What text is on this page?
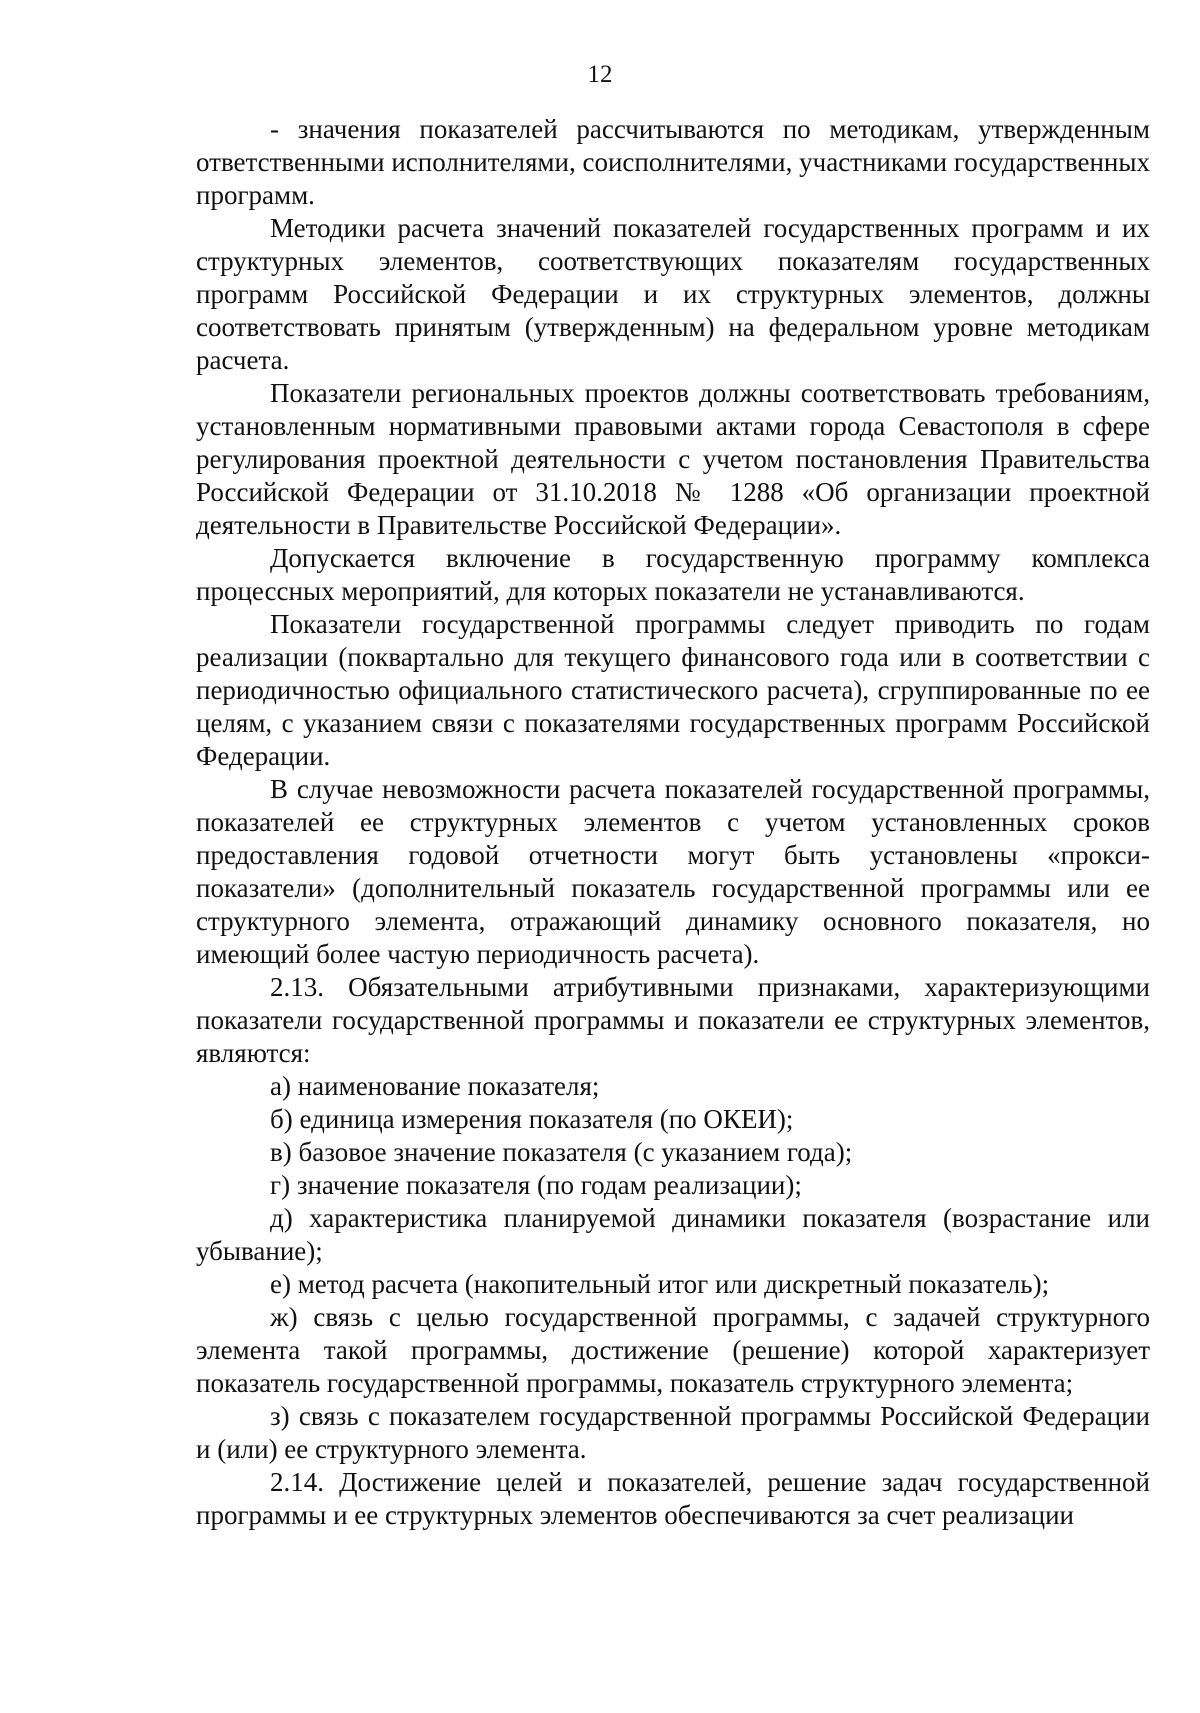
12

- значения показателей рассчитываются по методикам, утвержденным ответственными исполнителями, соисполнителями, участниками государственных программ.

Методики расчета значений показателей государственных программ и их структурных элементов, соответствующих показателям государственных программ Российской Федерации и их структурных элементов, должны соответствовать принятым (утвержденным) на федеральном уровне методикам расчета.

Показатели региональных проектов должны соответствовать требованиям, установленным нормативными правовыми актами города Севастополя в сфере регулирования проектной деятельности с учетом постановления Правительства Российской Федерации от 31.10.2018 № 1288 «Об организации проектной деятельности в Правительстве Российской Федерации».

Допускается включение в государственную программу комплекса процессных мероприятий, для которых показатели не устанавливаются.

Показатели государственной программы следует приводить по годам реализации (поквартально для текущего финансового года или в соответствии с периодичностью официального статистического расчета), сгруппированные по ее целям, с указанием связи с показателями государственных программ Российской Федерации.

В случае невозможности расчета показателей государственной программы, показателей ее структурных элементов с учетом установленных сроков предоставления годовой отчетности могут быть установлены «прокси-показатели» (дополнительный показатель государственной программы или ее структурного элемента, отражающий динамику основного показателя, но имеющий более частую периодичность расчета).

2.13. Обязательными атрибутивными признаками, характеризующими показатели государственной программы и показатели ее структурных элементов, являются:

а) наименование показателя;

б) единица измерения показателя (по ОКЕИ);

в) базовое значение показателя (с указанием года);

г) значение показателя (по годам реализации);

д) характеристика планируемой динамики показателя (возрастание или убывание);

е) метод расчета (накопительный итог или дискретный показатель);

ж) связь с целью государственной программы, с задачей структурного элемента такой программы, достижение (решение) которой характеризует показатель государственной программы, показатель структурного элемента;

з) связь с показателем государственной программы Российской Федерации и (или) ее структурного элемента.

2.14. Достижение целей и показателей, решение задач государственной программы и ее структурных элементов обеспечиваются за счет реализации
